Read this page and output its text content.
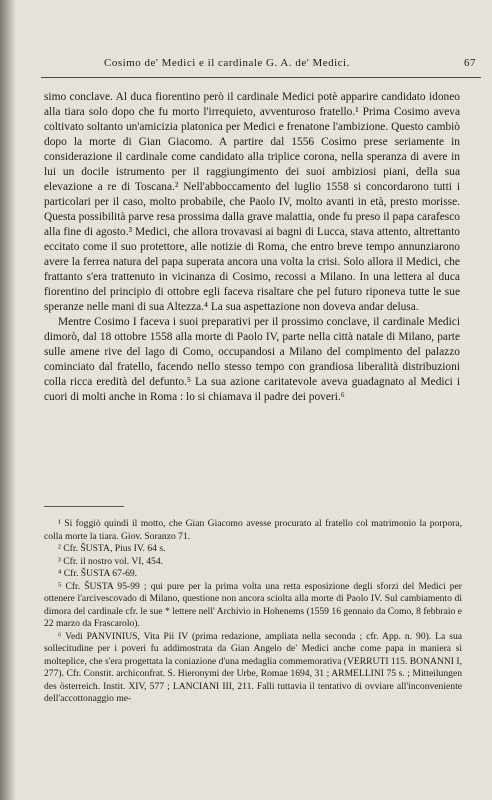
Cosimo de' Medici e il cardinale G. A. de' Medici.	67

simo conclave. Al duca fiorentino però il cardinale Medici potè apparire candidato idoneo alla tiara solo dopo che fu morto l'irrequieto, avventuroso fratello.¹ Prima Cosimo aveva coltivato soltanto un'amicizia platonica per Medici e frenatone l'ambizione. Questo cambiò dopo la morte di Gian Giacomo. A partire dal 1556 Cosimo prese seriamente in considerazione il cardinale come candidato alla triplice corona, nella speranza di avere in lui un docile istrumento per il raggiungimento dei suoi ambiziosi piani, della sua elevazione a re di Toscana.² Nell'abboccamento del luglio 1558 si concordarono tutti i particolari per il caso, molto probabile, che Paolo IV, molto avanti in età, presto morisse. Questa possibilità parve resa prossima dalla grave malattia, onde fu preso il papa carafesco alla fine di agosto.³ Medici, che allora trovavasi ai bagni di Lucca, stava attento, altrettanto eccitato come il suo protettore, alle notizie di Roma, che entro breve tempo annunziarono avere la ferrea natura del papa superata ancora una volta la crisi. Solo allora il Medici, che frattanto s'era trattenuto in vicinanza di Cosimo, recossi a Milano. In una lettera al duca fiorentino del principio di ottobre egli faceva risaltare che pel futuro riponeva tutte le sue speranze nelle mani di sua Altezza.⁴ La sua aspettazione non doveva andar delusa.

Mentre Cosimo I faceva i suoi preparativi per il prossimo conclave, il cardinale Medici dimorò, dal 18 ottobre 1558 alla morte di Paolo IV, parte nella città natale di Milano, parte sulle amene rive del lago di Como, occupandosi a Milano del compimento del palazzo cominciato dal fratello, facendo nello stesso tempo con grandiosa liberalità distribuzioni colla ricca eredità del defunto.⁵ La sua azione caritatevole aveva guadagnato al Medici i cuori di molti anche in Roma : lo si chiamava il padre dei poveri.⁶

¹ Si foggiò quindi il motto, che Gian Giacomo avesse procurato al fratello col matrimonio la porpora, colla morte la tiara. Giov. Soranzo 71.

² Cfr. ŠUSTA, Pius IV. 64 s.

³ Cfr. il nostro vol. VI, 454.

⁴ Cfr. ŠUSTA 67-69.

⁵ Cfr. ŠUSTA 95-99 ; qui pure per la prima volta una retta esposizione degli sforzi del Medici per ottenere l'arcivescovado di Milano, questione non ancora sciolta alla morte di Paolo IV. Sul cambiamento di dimora del cardinale cfr. le sue * lettere nell' Archivio in Hohenems (1559 16 gennaio da Como, 8 febbraio e 22 marzo da Frascarolo).

⁶ Vedi PANVINIUS, Vita Pii IV (prima redazione, ampliata nella seconda ; cfr. App. n. 90). La sua sollecitudine per i poveri fu addimostrata da Gian Angelo de' Medici anche come papa in maniera sì molteplice, che s'era progettata la coniazione d'una medaglia commemorativa (VERRUTI 115. BONANNI I, 277). Cfr. Constit. archiconfrat. S. Hieronymi der Urbe, Romae 1694, 31 ; ARMELLINI 75 s. ; Mitteilungen des österreich. Instit. XIV, 577 ; LANCIANI III, 211. Falli tuttavia il tentativo di ovviare all'inconveniente dell'accottonaggio me-
